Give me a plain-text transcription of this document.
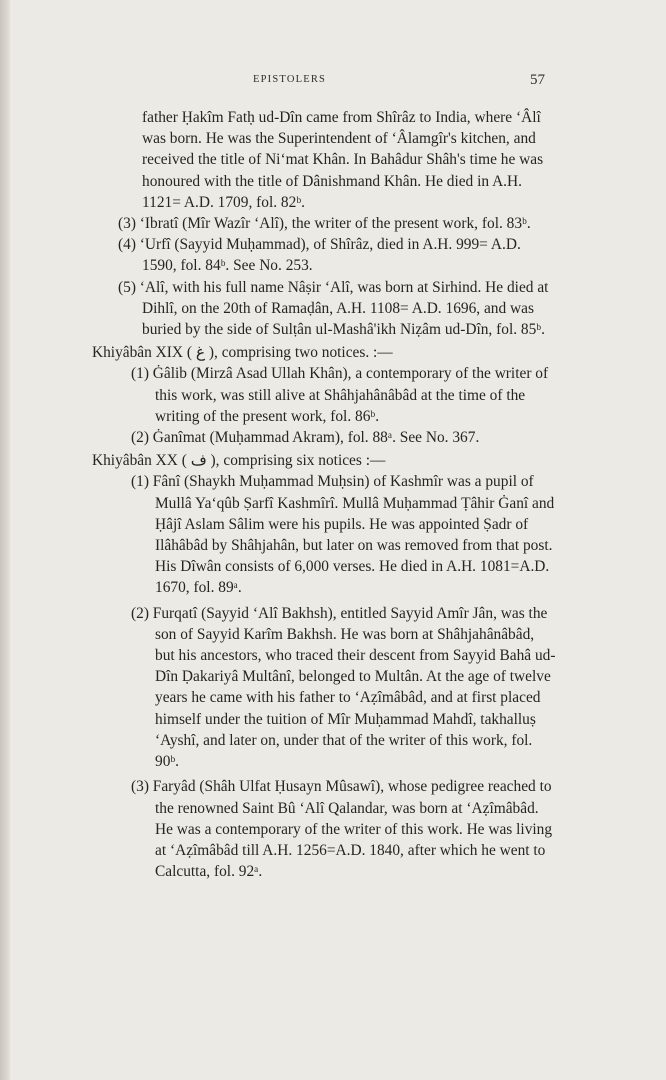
EPISTOLERS	57

father Ḥakîm Fatḥ ud-Dîn came from Shîrâz to India, where ‘Âlî was born. He was the Superintendent of ‘Âlamgîr's kitchen, and received the title of Ni‘mat Khân. In Bahâdur Shâh's time he was honoured with the title of Dânishmand Khân. He died in A.H. 1121= A.D. 1709, fol. 82ᵇ.

(3) ‘Ibratî (Mîr Wazîr ‘Alî), the writer of the present work, fol. 83ᵇ.

(4) ‘Urfî (Sayyid Muḥammad), of Shîrâz, died in A.H. 999= A.D. 1590, fol. 84ᵇ. See No. 253.

(5) ‘Alî, with his full name Nâṣir ‘Alî, was born at Sirhind. He died at Dihlî, on the 20th of Ramaḍân, A.H. 1108= A.D. 1696, and was buried by the side of Sulṭân ul-Mashâ'ikh Niẓâm ud-Dîn, fol. 85ᵇ.

Khiyâbân XIX ( غ ), comprising two notices. :—

(1) Ġâlib (Mirzâ Asad Ullah Khân), a contemporary of the writer of this work, was still alive at Shâhjahânâbâd at the time of the writing of the present work, fol. 86ᵇ.

(2) Ġanîmat (Muḥammad Akram), fol. 88ᵃ. See No. 367.

Khiyâbân XX ( ف ), comprising six notices :—

(1) Fânî (Shaykh Muḥammad Muḥsin) of Kashmîr was a pupil of Mullâ Ya‘qûb Ṣarfî Kashmîrî. Mullâ Muḥammad Ṭâhir Ġanî and Ḥâjî Aslam Sâlim were his pupils. He was appointed Ṣadr of Ilâhâbâd by Shâhjahân, but later on was removed from that post. His Dîwân consists of 6,000 verses. He died in A.H. 1081=A.D. 1670, fol. 89ᵃ.

(2) Furqatî (Sayyid ‘Alî Bakhsh), entitled Sayyid Amîr Jân, was the son of Sayyid Karîm Bakhsh. He was born at Shâhjahânâbâd, but his ancestors, who traced their descent from Sayyid Bahâ ud-Dîn Ḍakariyâ Multânî, belonged to Multân. At the age of twelve years he came with his father to ‘Aẓîmâbâd, and at first placed himself under the tuition of Mîr Muḥammad Mahdî, takhalluṣ ‘Ayshî, and later on, under that of the writer of this work, fol. 90ᵇ.

(3) Faryâd (Shâh Ulfat Ḥusayn Mûsawî), whose pedigree reached to the renowned Saint Bû ‘Alî Qalandar, was born at ‘Aẓîmâbâd. He was a contemporary of the writer of this work. He was living at ‘Aẓîmâbâd till A.H. 1256=A.D. 1840, after which he went to Calcutta, fol. 92ᵃ.
